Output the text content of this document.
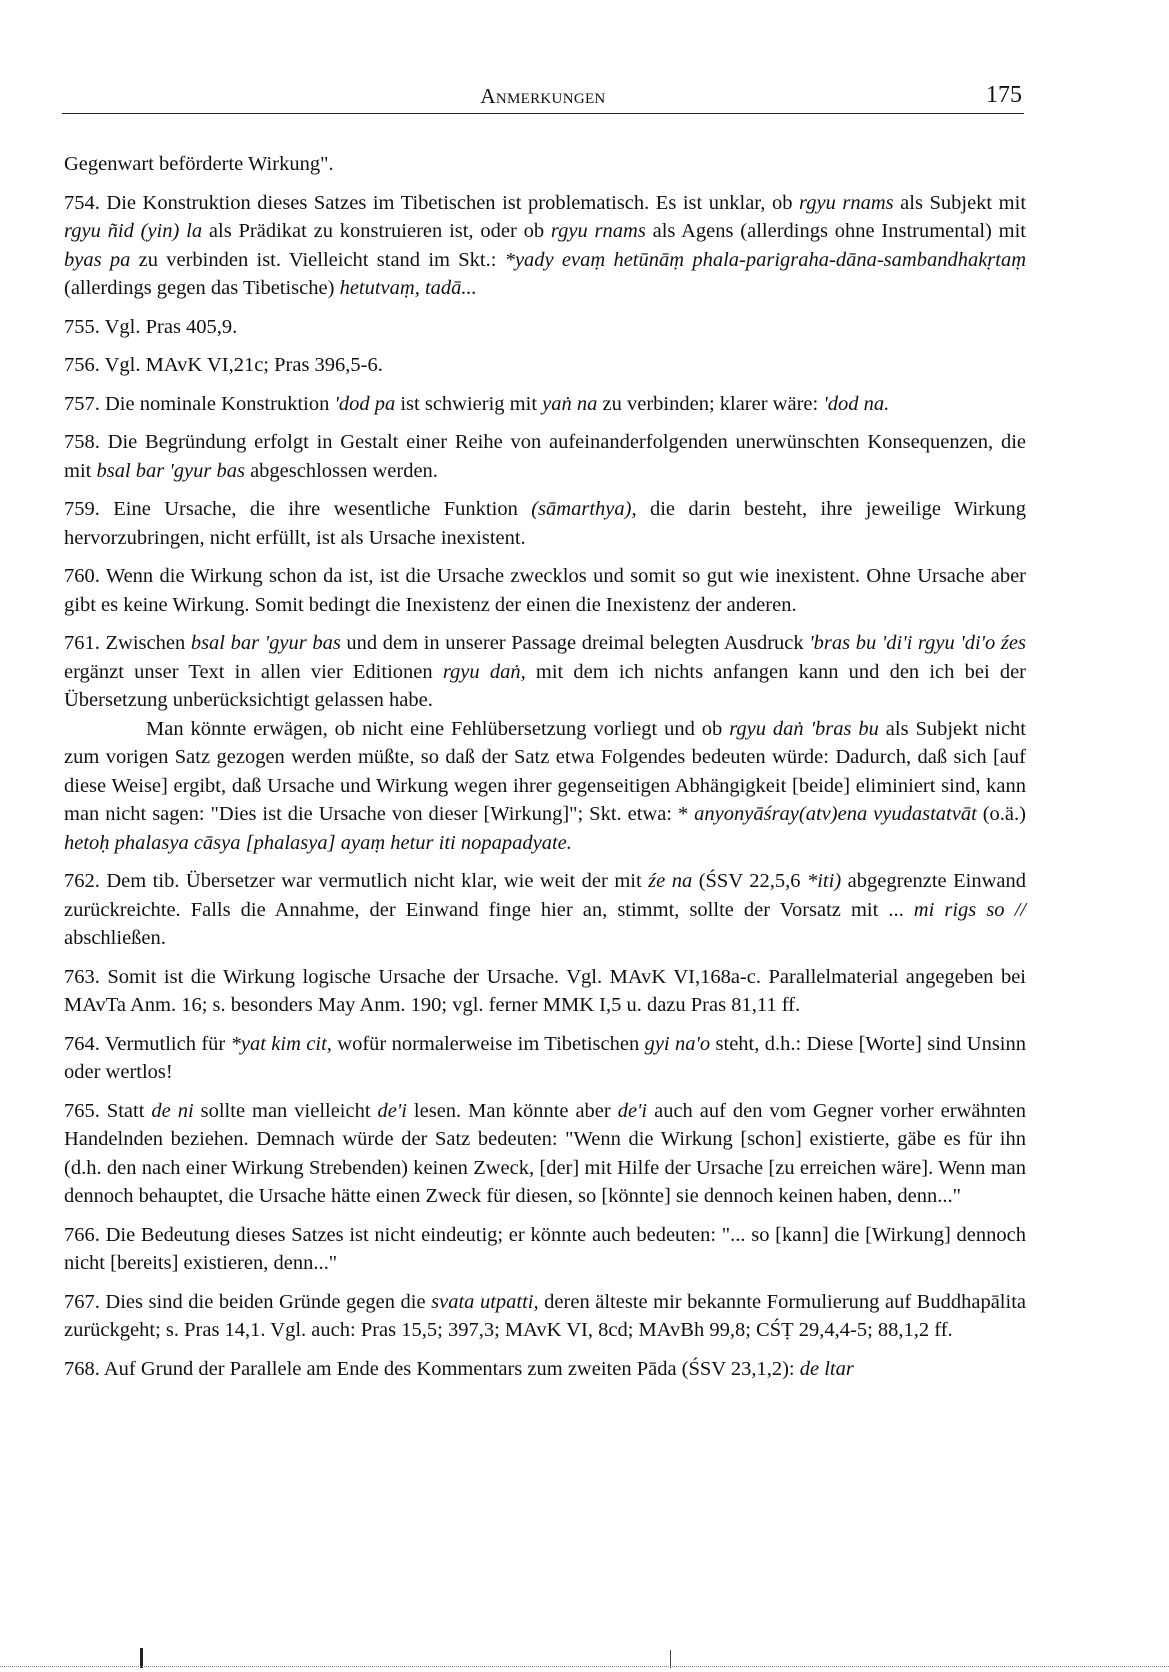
Anmerkungen	175

Gegenwart beförderte Wirkung".

754. Die Konstruktion dieses Satzes im Tibetischen ist problematisch. Es ist unklar, ob rgyu rnams als Subjekt mit rgyu ñid (yin) la als Prädikat zu konstruieren ist, oder ob rgyu rnams als Agens (allerdings ohne Instrumental) mit byas pa zu verbinden ist. Vielleicht stand im Skt.: *yady evaṃ hetūnāṃ phala-parigraha-dāna-sambandhakṛtaṃ (allerdings gegen das Tibetische) hetutvaṃ, tadā...

755. Vgl. Pras 405,9.

756. Vgl. MAvK VI,21c; Pras 396,5-6.

757. Die nominale Konstruktion 'dod pa ist schwierig mit yaṅ na zu verbinden; klarer wäre: 'dod na.

758. Die Begründung erfolgt in Gestalt einer Reihe von aufeinanderfolgenden unerwünschten Konsequenzen, die mit bsal bar 'gyur bas abgeschlossen werden.

759. Eine Ursache, die ihre wesentliche Funktion (sāmarthya), die darin besteht, ihre jeweilige Wirkung hervorzubringen, nicht erfüllt, ist als Ursache inexistent.

760. Wenn die Wirkung schon da ist, ist die Ursache zwecklos und somit so gut wie inexistent. Ohne Ursache aber gibt es keine Wirkung. Somit bedingt die Inexistenz der einen die Inexistenz der anderen.

761. Zwischen bsal bar 'gyur bas und dem in unserer Passage dreimal belegten Ausdruck 'bras bu 'di'i rgyu 'di'o źes ergänzt unser Text in allen vier Editionen rgyu daṅ, mit dem ich nichts anfangen kann und den ich bei der Übersetzung unberücksichtigt gelassen habe.

Man könnte erwägen, ob nicht eine Fehlübersetzung vorliegt und ob rgyu daṅ 'bras bu als Subjekt nicht zum vorigen Satz gezogen werden müßte, so daß der Satz etwa Folgendes bedeuten würde: Dadurch, daß sich [auf diese Weise] ergibt, daß Ursache und Wirkung wegen ihrer gegenseitigen Abhängigkeit [beide] eliminiert sind, kann man nicht sagen: "Dies ist die Ursache von dieser [Wirkung]"; Skt. etwa: * anyonyāśray(atv)ena vyudastatvāt (o.ä.) hetoḥ phalasya cāsya [phalasya] ayaṃ hetur iti nopapadyate.

762. Dem tib. Übersetzer war vermutlich nicht klar, wie weit der mit źe na (ŚSV 22,5,6 *iti) abgegrenzte Einwand zurückreichte. Falls die Annahme, der Einwand finge hier an, stimmt, sollte der Vorsatz mit ... mi rigs so // abschließen.

763. Somit ist die Wirkung logische Ursache der Ursache. Vgl. MAvK VI,168a-c. Parallelmaterial angegeben bei MAvTa Anm. 16; s. besonders May Anm. 190; vgl. ferner MMK I,5 u. dazu Pras 81,11 ff.

764. Vermutlich für *yat kim cit, wofür normalerweise im Tibetischen gyi na'o steht, d.h.: Diese [Worte] sind Unsinn oder wertlos!

765. Statt de ni sollte man vielleicht de'i lesen. Man könnte aber de'i auch auf den vom Gegner vorher erwähnten Handelnden beziehen. Demnach würde der Satz bedeuten: "Wenn die Wirkung [schon] existierte, gäbe es für ihn (d.h. den nach einer Wirkung Strebenden) keinen Zweck, [der] mit Hilfe der Ursache [zu erreichen wäre]. Wenn man dennoch behauptet, die Ursache hätte einen Zweck für diesen, so [könnte] sie dennoch keinen haben, denn..."

766. Die Bedeutung dieses Satzes ist nicht eindeutig; er könnte auch bedeuten: "... so [kann] die [Wirkung] dennoch nicht [bereits] existieren, denn..."

767. Dies sind die beiden Gründe gegen die svata utpatti, deren älteste mir bekannte Formulierung auf Buddhapālita zurückgeht; s. Pras 14,1. Vgl. auch: Pras 15,5; 397,3; MAvK VI, 8cd; MAvBh 99,8; CŚṬ 29,4,4-5; 88,1,2 ff.

768. Auf Grund der Parallele am Ende des Kommentars zum zweiten Pāda (ŚSV 23,1,2): de ltar
